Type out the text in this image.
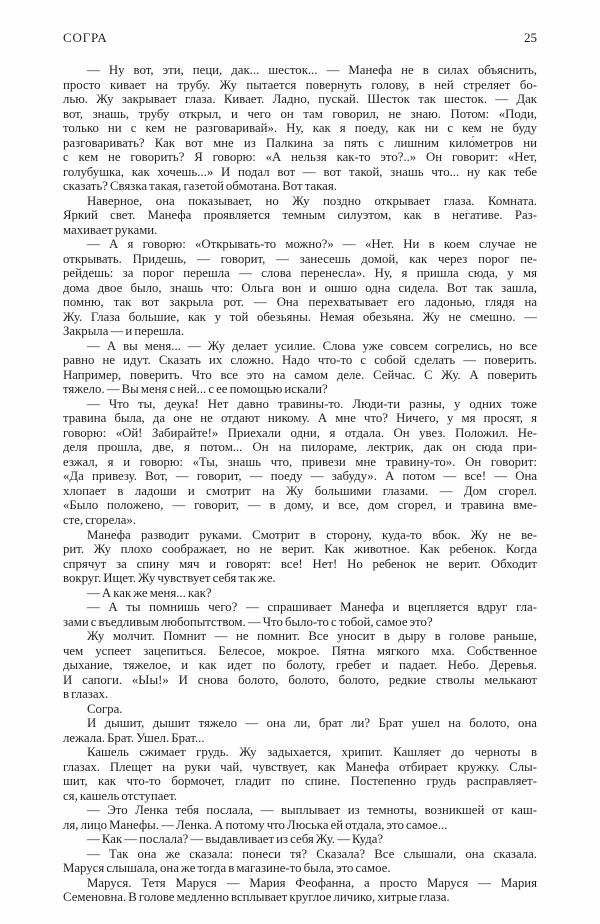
СОГРА	25
— Ну вот, эти, пеци, дак... шесток... — Манефа не в силах объяснить,
просто кивает на трубу. Жу пытается повернуть голову, в ней стреляет бо-
лью. Жу закрывает глаза. Кивает. Ладно, пускай. Шесток так шесток. — Дак
вот, знашь, трубу открыл, и чего он там говорил, не знаю. Потом: «Поди,
только ни с кем не разговаривай». Ну, как я поеду, как ни с кем не буду
разговаривать? Как вот мне из Палкина за пять с лишним кило́метров ни
с кем не говорить? Я говорю: «А нельзя как-то это?..» Он говорит: «Нет,
голубушка, как хочешь...» И подал вот — вот такой, знашь что... ну как тебе
сказать? Связка такая, газетой обмотана. Вот такая.
Наверное, она показывает, но Жу поздно открывает глаза. Комната.
Яркий свет. Манефа проявляется темным силуэтом, как в негативе. Раз-
махивает руками.
— А я говорю: «Открывать-то можно?» — «Нет. Ни в коем случае не
открывать. Придешь, — говорит, — занесешь домой, как через порог пе-
рейдешь: за порог перешла — слова перенесла». Ну, я пришла сюда, у мя
дома двое было, знашь что: Ольга вон и ошшо одна сидела. Вот так зашла,
помню, так вот закрыла рот. — Она перехватывает его ладонью, глядя на
Жу. Глаза большие, как у той обезьяны. Немая обезьяна. Жу не смешно. —
Закрыла — и перешла.
— А вы меня... — Жу делает усилие. Слова уже совсем согрелись, но все
равно не идут. Сказать их сложно. Надо что-то с собой сделать — поверить.
Например, поверить. Что все это на самом деле. Сейчас. С Жу. А поверить
тяжело. — Вы меня с ней... с ее помощью искали?
— Что ты, деука! Нет давно травины-то. Люди-ти разны, у одних тоже
травина была, да оне не отдают никому. А мне что? Ничего, у мя просят, я
говорю: «Ой! Забирайте!» Приехали одни, я отдала. Он увез. Положил. Не-
деля прошла, две, я потом... Он на пилораме, лектрик, дак он сюда при-
езжал, я и говорю: «Ты, знашь что, привези мне травину-то». Он говорит:
«Да привезу. Вот, — говорит, — поеду — забуду». А потом — все! — Она
хлопает в ладоши и смотрит на Жу большими глазами. — Дом сгорел.
«Было положено, — говорит, — в дому, и все, дом сгорел, и травина вме-
сте, сгорела».
Манефа разводит руками. Смотрит в сторону, куда-то вбок. Жу не ве-
рит. Жу плохо соображает, но не верит. Как животное. Как ребенок. Когда
спрячут за спину мяч и говорят: все! Нет! Но ребенок не верит. Обходит
вокруг. Ищет. Жу чувствует себя так же.
— А как же меня... как?
— А ты помнишь чего? — спрашивает Манефа и вцепляется вдруг гла-
зами с въедливым любопытством. — Что было-то с тобой, самое это?
Жу молчит. Помнит — не помнит. Все уносит в дыру в голове раньше,
чем успеет зацепиться. Белесое, мокрое. Пятна мягкого мха. Собственное
дыхание, тяжелое, и как идет по болоту, гребет и падает. Небо. Деревья.
И сапоги. «Ыы!» И снова болото, болото, болото, редкие стволы мелькают
в глазах.
Согра.
И дышит, дышит тяжело — она ли, брат ли? Брат ушел на болото, она
лежала. Брат. Ушел. Брат...
Кашель сжимает грудь. Жу задыхается, хрипит. Кашляет до черноты в
глазах. Плещет на руки чай, чувствует, как Манефа отбирает кружку. Слы-
шит, как что-то бормочет, гладит по спине. Постепенно грудь расправляет-
ся, кашель отступает.
— Это Ленка тебя послала, — выплывает из темноты, возникшей от каш-
ля, лицо Манефы. — Ленка. А потому что Люська ей отдала, это самое...
— Как — послала? — выдавливает из себя Жу. — Куда?
— Так она же сказала: понеси тя? Сказала? Все слышали, она сказала.
Маруся слышала, она же тогда в магазине-то была, это самое.
Маруся. Тетя Маруся — Мария Феофанна, а просто Маруся — Мария
Семеновна. В голове медленно всплывает круглое личико, хитрые глаза.
